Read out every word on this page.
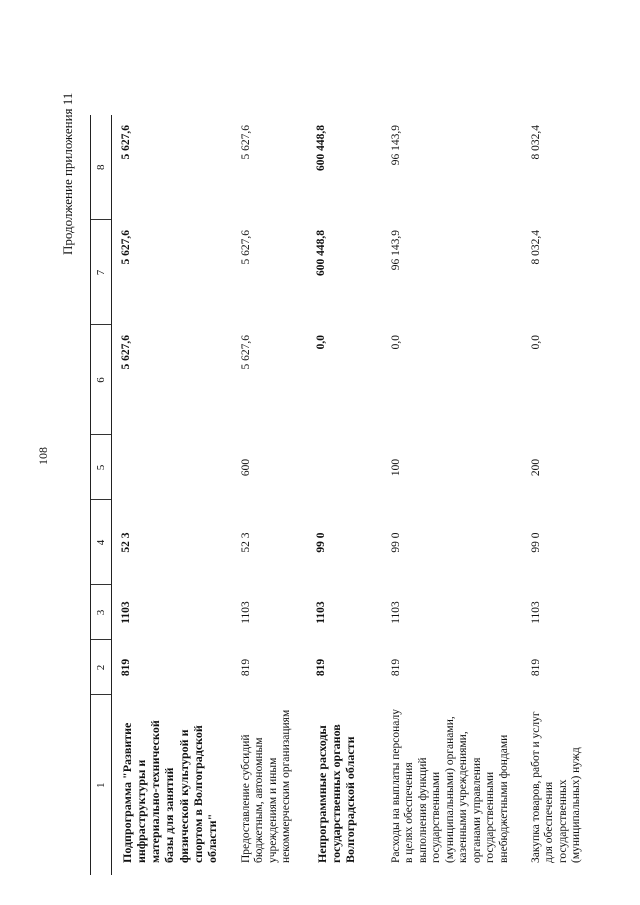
108
Продолжение приложения 11
1	2	3	4	5	6	7	8
Подпрограмма "Развитие инфраструктуры и материально-технической базы для занятий физической культурой и спортом в Волгоградской области"	819	1103	52 3		5 627,6	5 627,6	5 627,6
Предоставление субсидий бюджетным, автономным учреждениям и иным некоммерческим организациям	819	1103	52 3	600	5 627,6	5 627,6	5 627,6
Непрограммные расходы государственных органов Волгоградской области	819	1103	99 0		0,0	600 448,8	600 448,8
Расходы на выплаты персоналу в целях обеспечения выполнения функций государственными (муниципальными) органами, казенными учреждениями, органами управления государственными внебюджетными фондами	819	1103	99 0	100	0,0	96 143,9	96 143,9
Закупка товаров, работ и услуг для обеспечения государственных (муниципальных) нужд	819	1103	99 0	200	0,0	8 032,4	8 032,4
